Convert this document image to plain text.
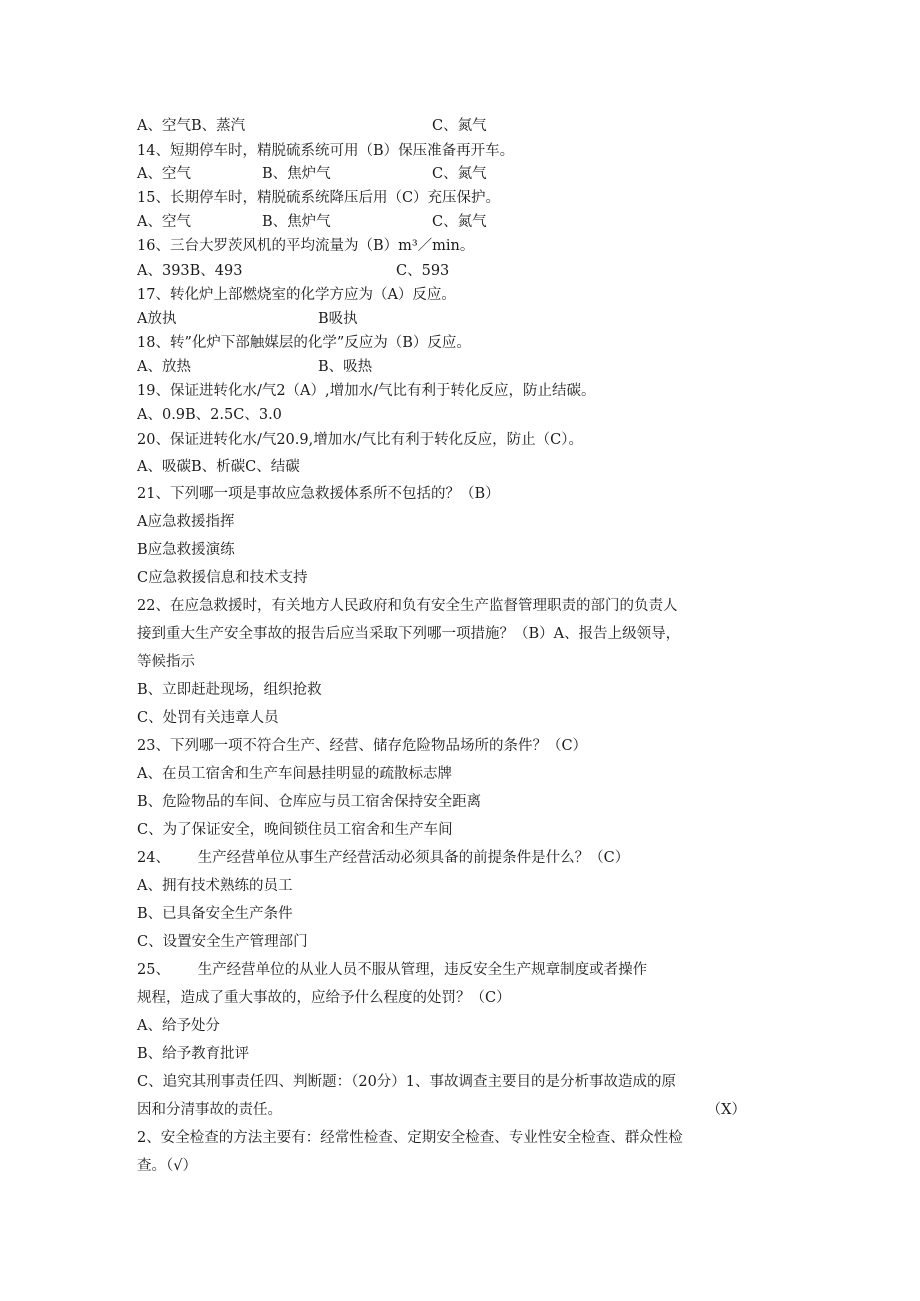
A、空气B、蒸汽	C、氮气
14、短期停车时，精脱硫系统可用（B）保压准备再开车。
A、空气	B、焦炉气	C、氮气
15、长期停车时，精脱硫系统降压后用（C）充压保护。
A、空气	B、焦炉气	C、氮气
16、三台大罗茨风机的平均流量为（B）m³／min。
A、393B、493	C、593
17、转化炉上部燃烧室的化学方应为（A）反应。
A放执	B吸执
18、转”化炉下部触媒层的化学”反应为（B）反应。
A、放热	B、吸热
19、保证进转化水/气2（A）,增加水/气比有利于转化反应，防止结碳。
A、0.9B、2.5C、3.0
20、保证进转化水/气20.9,增加水/气比有利于转化反应，防止（C）。
A、吸碳B、析碳C、结碳
21、下列哪一项是事故应急救援体系所不包括的？（B）
A应急救援指挥
B应急救援演练
C应急救援信息和技术支持
22、在应急救援时，有关地方人民政府和负有安全生产监督管理职责的部门的负责人
接到重大生产安全事故的报告后应当采取下列哪一项措施？（B）A、报告上级领导，
等候指示
B、立即赶赴现场，组织抢救
C、处罚有关违章人员
23、下列哪一项不符合生产、经营、储存危险物品场所的条件？（C）
A、在员工宿舍和生产车间悬挂明显的疏散标志牌
B、危险物品的车间、仓库应与员工宿舍保持安全距离
C、为了保证安全，晚间锁住员工宿舍和生产车间
24、      生产经营单位从事生产经营活动必须具备的前提条件是什么？（C）
A、拥有技术熟练的员工
B、已具备安全生产条件
C、设置安全生产管理部门
25、      生产经营单位的从业人员不服从管理，违反安全生产规章制度或者操作
规程，造成了重大事故的，应给予什么程度的处罚？（C）
A、给予处分
B、给予教育批评
C、追究其刑事责任四、判断题：（20分）1、事故调查主要目的是分析事故造成的原
因和分清事故的责任。	（X）
2、安全检查的方法主要有：经常性检查、定期安全检查、专业性安全检查、群众性检
查。（√）
